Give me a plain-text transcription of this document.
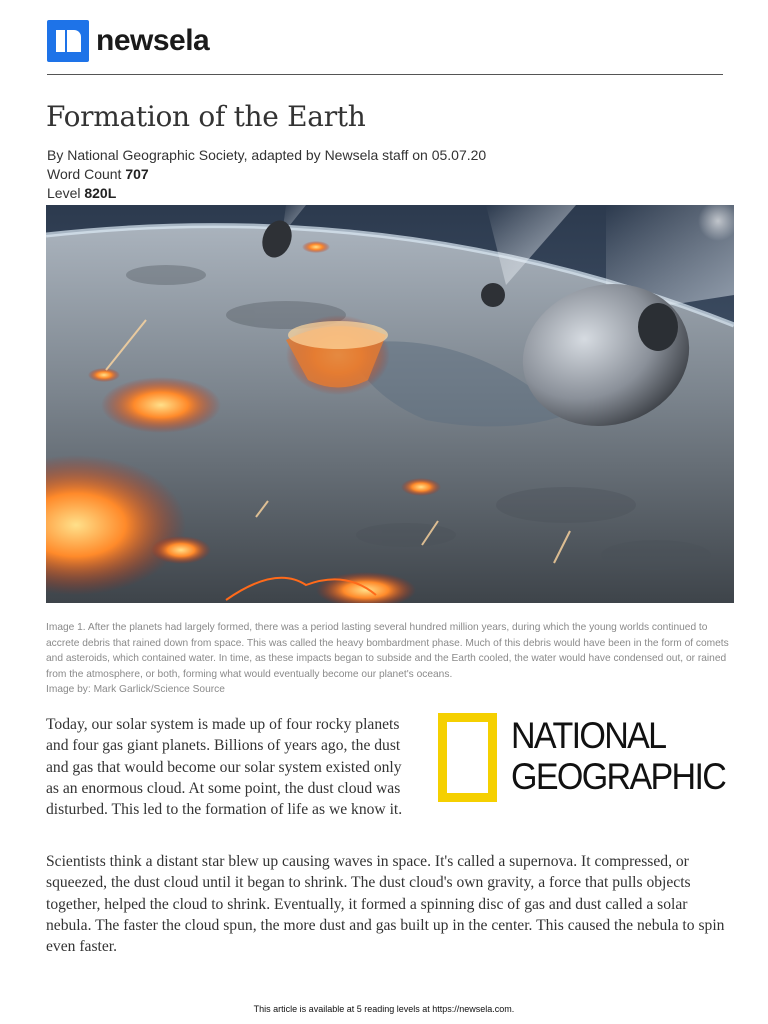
newsela
Formation of the Earth
By National Geographic Society, adapted by Newsela staff on 05.07.20
Word Count 707
Level 820L
Image 1. After the planets had largely formed, there was a period lasting several hundred million years, during which the young worlds continued to accrete debris that rained down from space. This was called the heavy bombardment phase. Much of this debris would have been in the form of comets and asteroids, which contained water. In time, as these impacts began to subside and the Earth cooled, the water would have condensed out, or rained from the atmosphere, or both, forming what would eventually become our planet's oceans.
Image by: Mark Garlick/Science Source

Today, our solar system is made up of four rocky planets and four gas giant planets. Billions of years ago, the dust and gas that would become our solar system existed only as an enormous cloud. At some point, the dust cloud was disturbed. This led to the formation of life as we know it.

NATIONAL
GEOGRAPHIC

Scientists think a distant star blew up causing waves in space. It's called a supernova. It compressed, or squeezed, the dust cloud until it began to shrink. The dust cloud's own gravity, a force that pulls objects together, helped the cloud to shrink. Eventually, it formed a spinning disc of gas and dust called a solar nebula. The faster the cloud spun, the more dust and gas built up in the center. This caused the nebula to spin even faster.

This article is available at 5 reading levels at https://newsela.com.
